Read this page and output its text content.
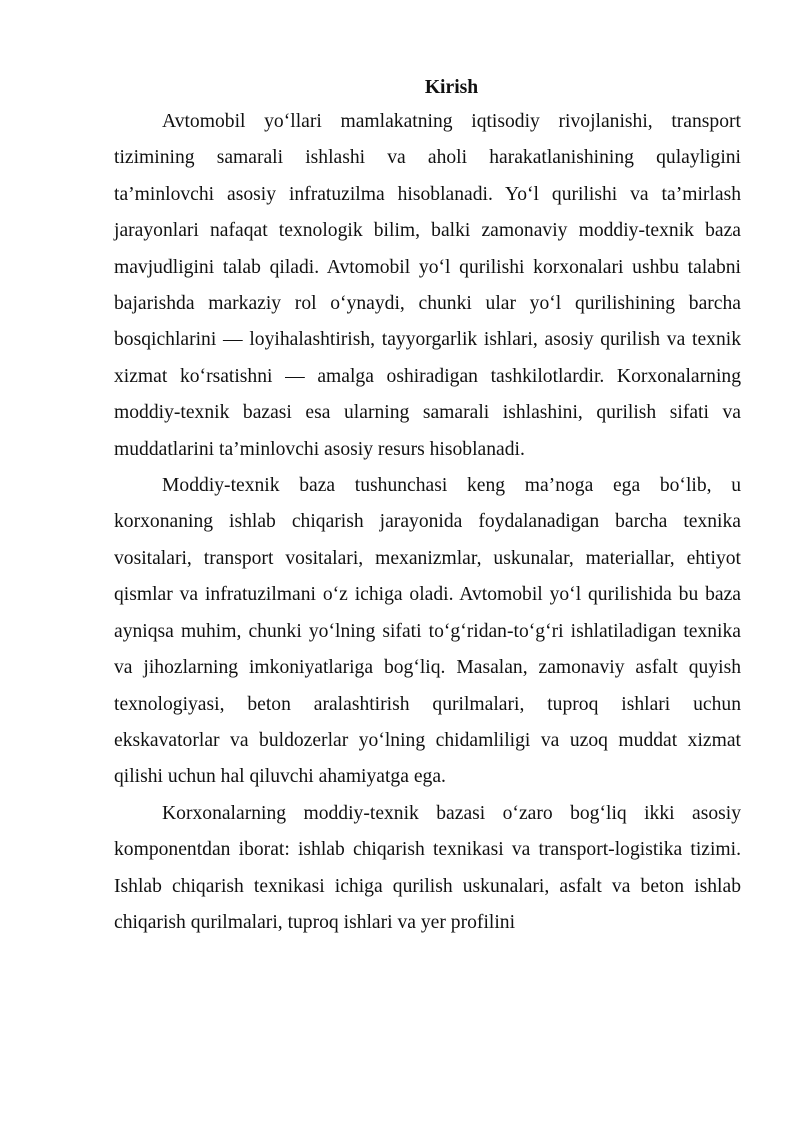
Kirish

Avtomobil yo‘llari mamlakatning iqtisodiy rivojlanishi, transport tizimining samarali ishlashi va aholi harakatlanishining qulayligini ta’minlovchi asosiy infratuzilma hisoblanadi. Yo‘l qurilishi va ta’mirlash jarayonlari nafaqat texnologik bilim, balki zamonaviy moddiy-texnik baza mavjudligini talab qiladi. Avtomobil yo‘l qurilishi korxonalari ushbu talabni bajarishda markaziy rol o‘ynaydi, chunki ular yo‘l qurilishining barcha bosqichlarini — loyihalashtirish, tayyorgarlik ishlari, asosiy qurilish va texnik xizmat ko‘rsatishni — amalga oshiradigan tashkilotlardir. Korxonalarning moddiy-texnik bazasi esa ularning samarali ishlashini, qurilish sifati va muddatlarini ta’minlovchi asosiy resurs hisoblanadi.

Moddiy-texnik baza tushunchasi keng ma’noga ega bo‘lib, u korxonaning ishlab chiqarish jarayonida foydalanadigan barcha texnika vositalari, transport vositalari, mexanizmlar, uskunalar, materiallar, ehtiyot qismlar va infratuzilmani o‘z ichiga oladi. Avtomobil yo‘l qurilishida bu baza ayniqsa muhim, chunki yo‘lning sifati to‘g‘ridan-to‘g‘ri ishlatiladigan texnika va jihozlarning imkoniyatlariga bog‘liq. Masalan, zamonaviy asfalt quyish texnologiyasi, beton aralashtirish qurilmalari, tuproq ishlari uchun ekskavatorlar va buldozerlar yo‘lning chidamliligi va uzoq muddat xizmat qilishi uchun hal qiluvchi ahamiyatga ega.

Korxonalarning moddiy-texnik bazasi o‘zaro bog‘liq ikki asosiy komponentdan iborat: ishlab chiqarish texnikasi va transport-logistika tizimi. Ishlab chiqarish texnikasi ichiga qurilish uskunalari, asfalt va beton ishlab chiqarish qurilmalari, tuproq ishlari va yer profilini
